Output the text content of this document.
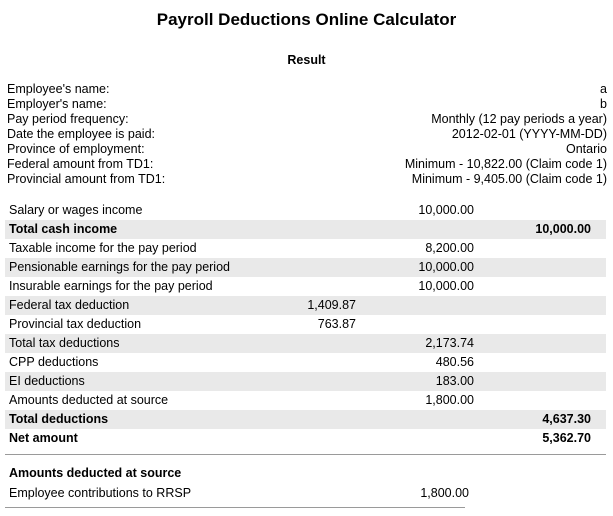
Payroll Deductions Online Calculator
Result
Employee's name:	a
Employer's name:	b
Pay period frequency:	Monthly (12 pay periods a year)
Date the employee is paid:	2012-02-01 (YYYY-MM-DD)
Province of employment:	Ontario
Federal amount from TD1:	Minimum - 10,822.00 (Claim code 1)
Provincial amount from TD1:	Minimum - 9,405.00 (Claim code 1)
Salary or wages income	10,000.00
Total cash income	10,000.00
Taxable income for the pay period	8,200.00
Pensionable earnings for the pay period	10,000.00
Insurable earnings for the pay period	10,000.00
Federal tax deduction	1,409.87
Provincial tax deduction	763.87
Total tax deductions	2,173.74
CPP deductions	480.56
EI deductions	183.00
Amounts deducted at source	1,800.00
Total deductions	4,637.30
Net amount	5,362.70
Amounts deducted at source
Employee contributions to RRSP	1,800.00
